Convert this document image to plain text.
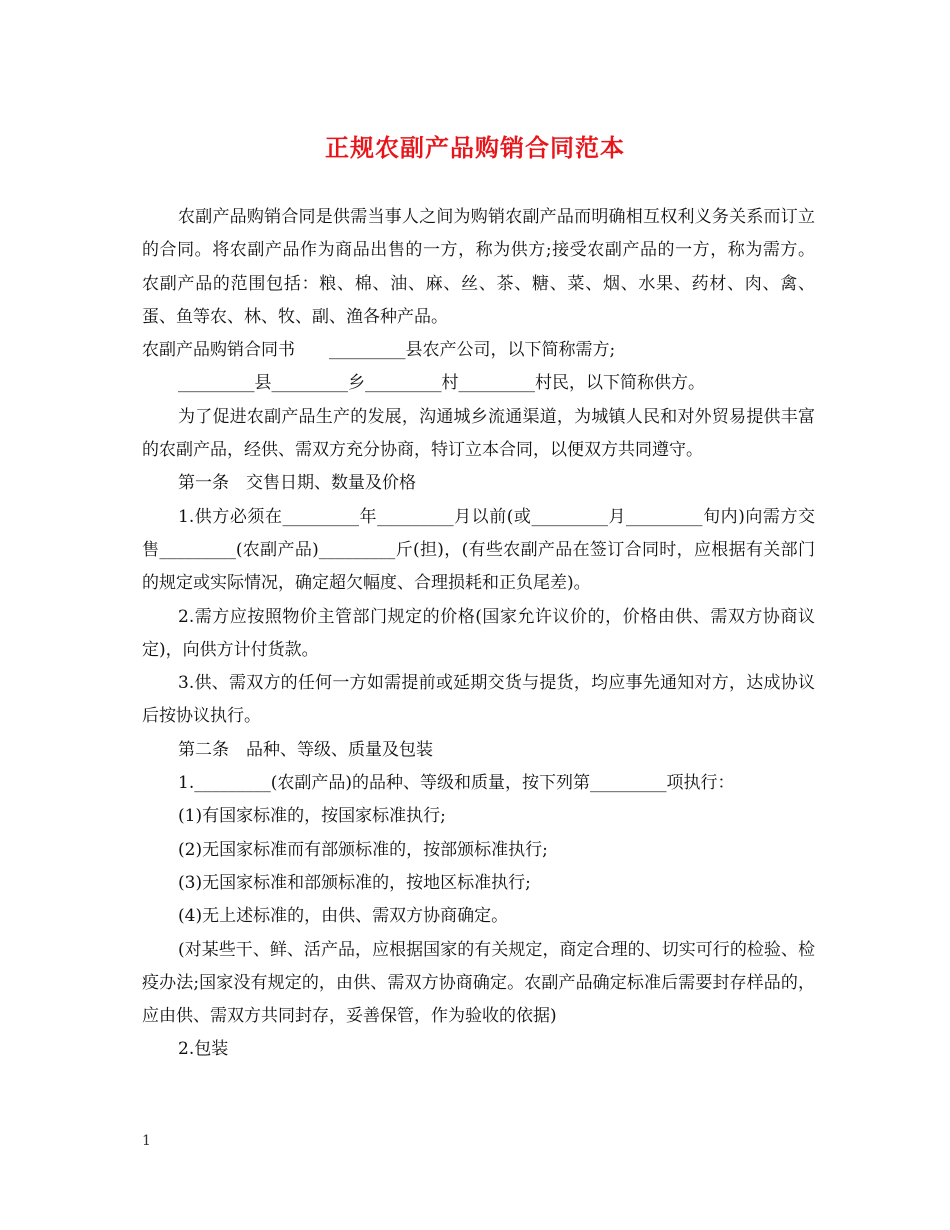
正规农副产品购销合同范本

农副产品购销合同是供需当事人之间为购销农副产品而明确相互权利义务关系而订立的合同。将农副产品作为商品出售的一方，称为供方;接受农副产品的一方，称为需方。 农副产品的范围包括：粮、棉、油、麻、丝、茶、糖、菜、烟、水果、药材、肉、禽、蛋、鱼等农、林、牧、副、渔各种产品。

农副产品购销合同书　　_________县农产公司，以下简称需方;

_________县_________乡_________村_________村民，以下简称供方。

为了促进农副产品生产的发展，沟通城乡流通渠道，为城镇人民和对外贸易提供丰富的农副产品，经供、需双方充分协商，特订立本合同，以便双方共同遵守。

第一条　交售日期、数量及价格

1.供方必须在_________年_________月以前(或_________月_________旬内)向需方交售_________(农副产品)_________斤(担)，(有些农副产品在签订合同时，应根据有关部门的规定或实际情况，确定超欠幅度、合理损耗和正负尾差)。

2.需方应按照物价主管部门规定的价格(国家允许议价的，价格由供、需双方协商议定)，向供方计付货款。

3.供、需双方的任何一方如需提前或延期交货与提货，均应事先通知对方，达成协议后按协议执行。

第二条　品种、等级、质量及包装

1._________(农副产品)的品种、等级和质量，按下列第_________项执行：

(1)有国家标准的，按国家标准执行;

(2)无国家标准而有部颁标准的，按部颁标准执行;

(3)无国家标准和部颁标准的，按地区标准执行;

(4)无上述标准的，由供、需双方协商确定。

(对某些干、鲜、活产品，应根据国家的有关规定，商定合理的、切实可行的检验、检疫办法;国家没有规定的，由供、需双方协商确定。农副产品确定标准后需要封存样品的，应由供、需双方共同封存，妥善保管，作为验收的依据)

2.包装

1
